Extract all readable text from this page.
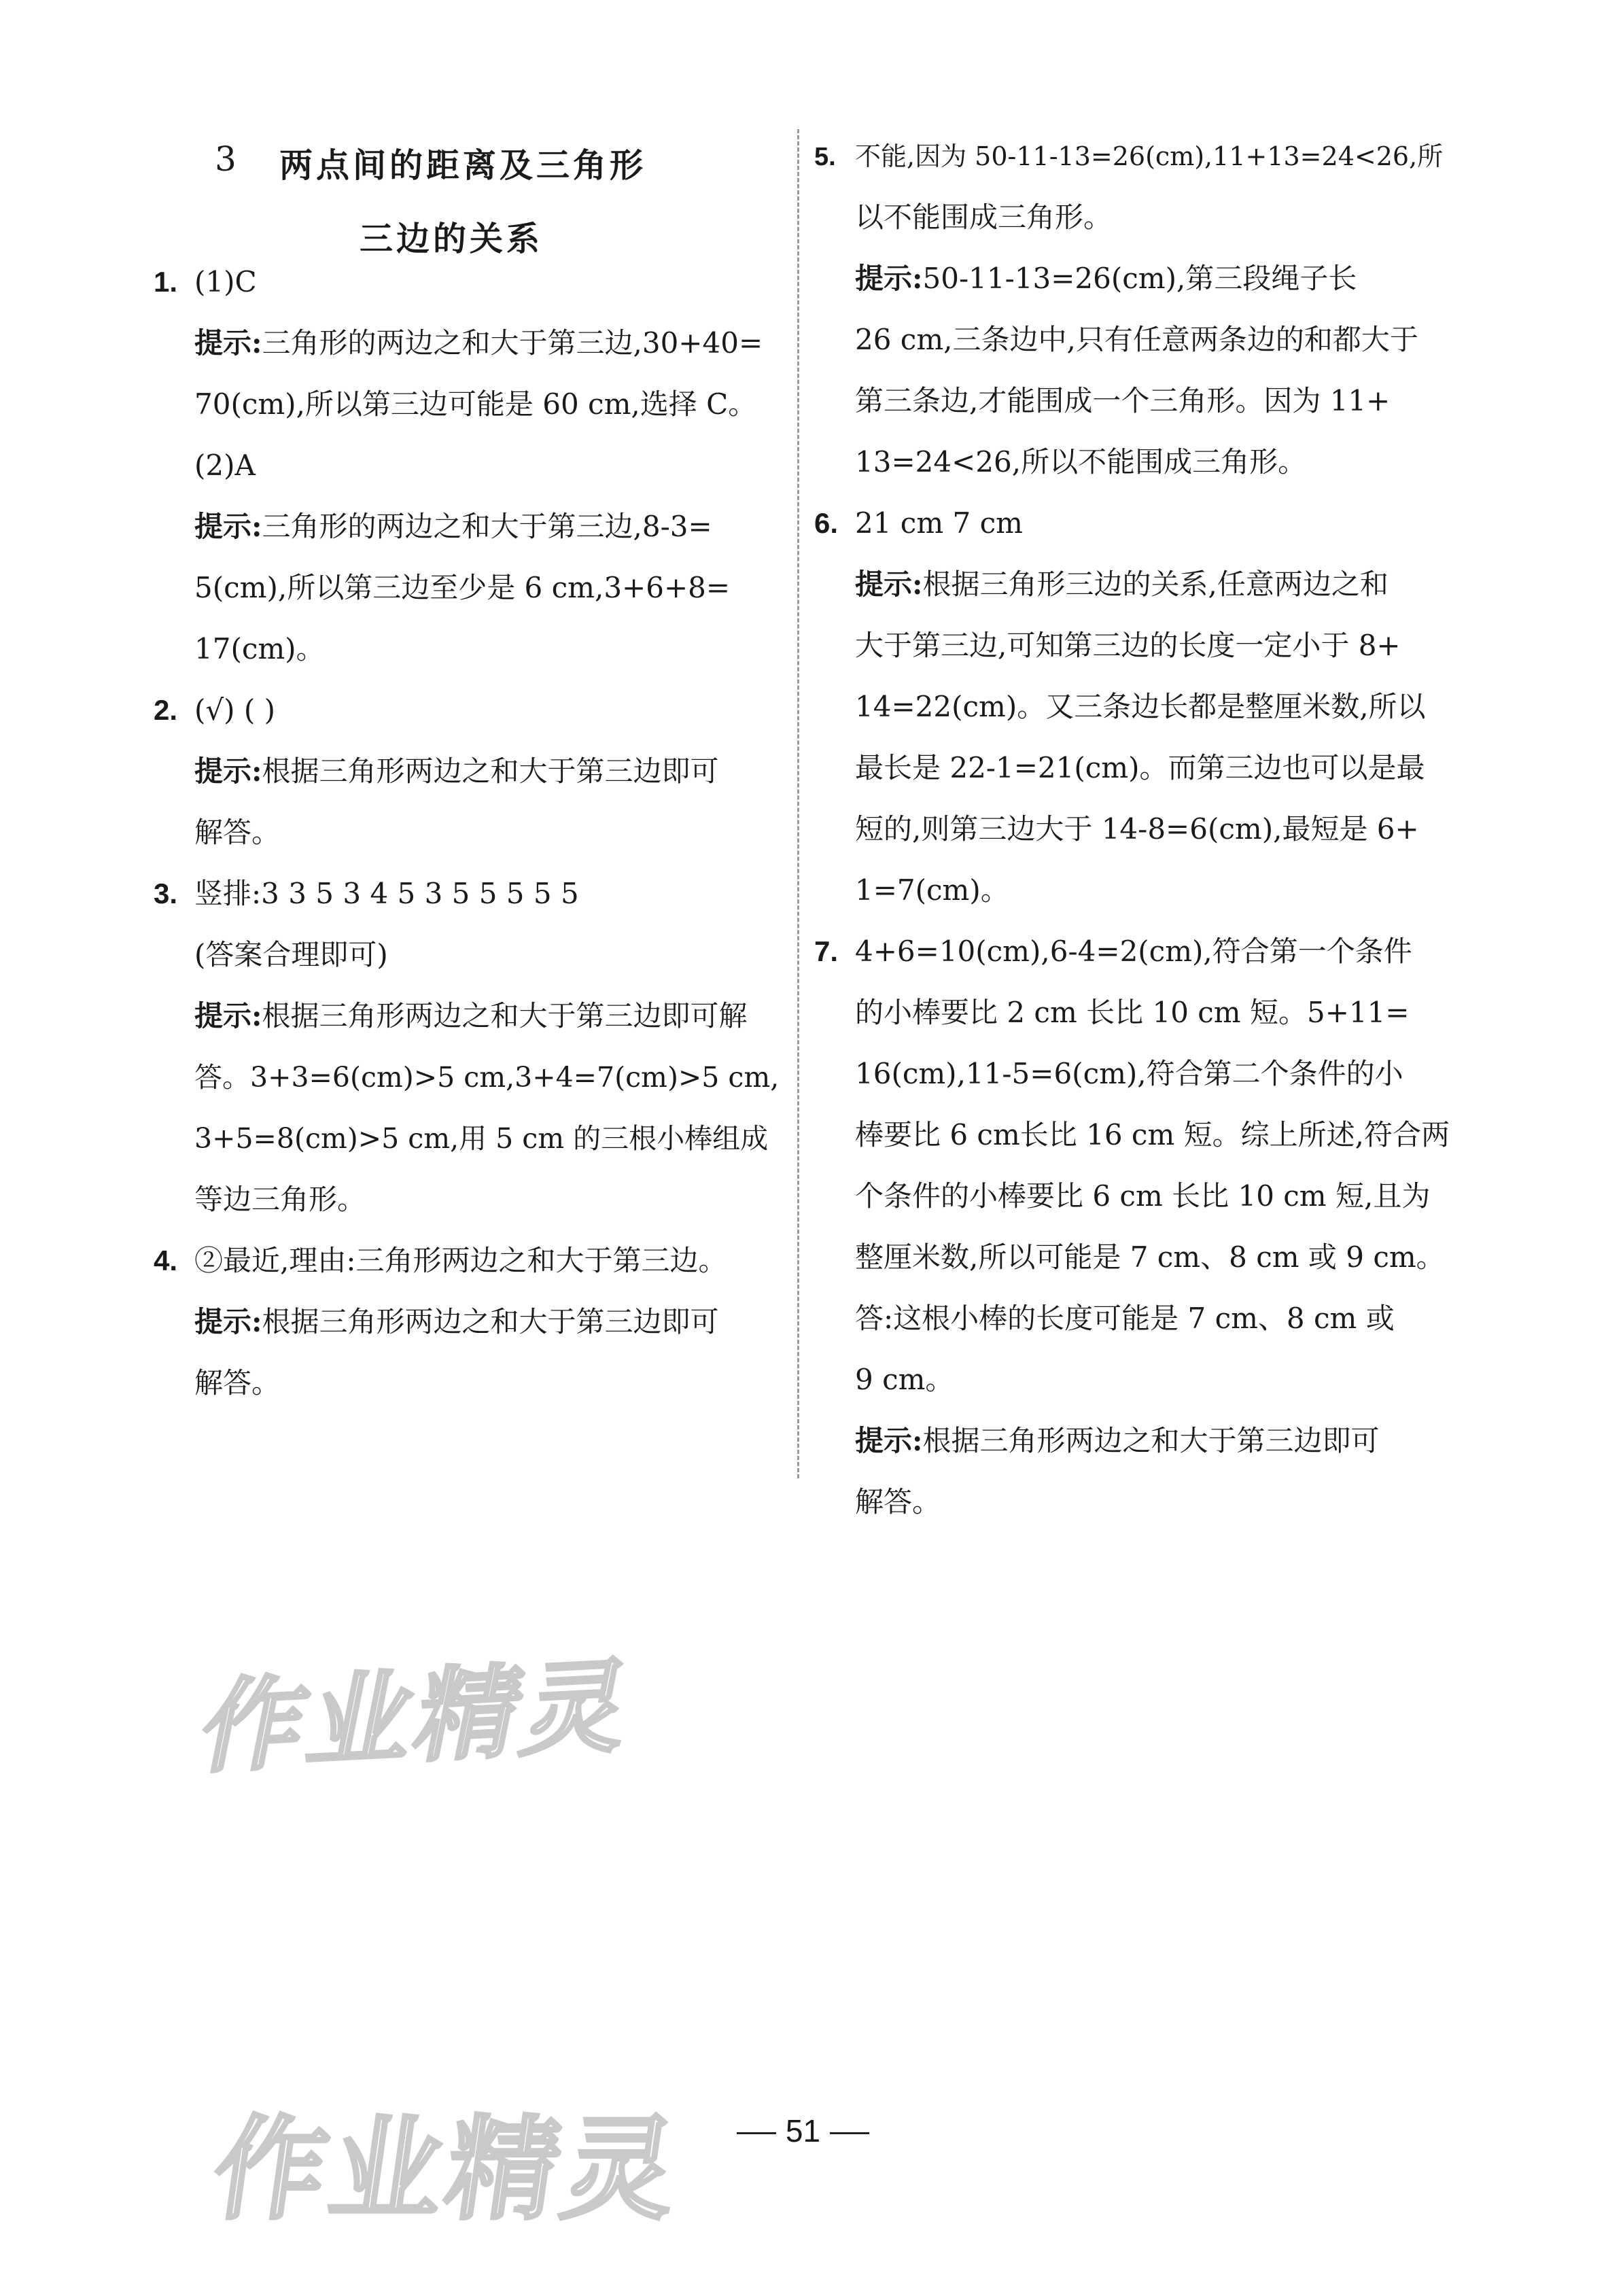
3 两点间的距离及三角形
三边的关系
1. (1)C
提示:三角形的两边之和大于第三边,30+40=
70(cm),所以第三边可能是 60 cm,选择 C。
(2)A
提示:三角形的两边之和大于第三边,8-3=
5(cm),所以第三边至少是 6 cm,3+6+8=
17(cm)。
2. (√) ( )
提示:根据三角形两边之和大于第三边即可
解答。
3. 竖排:3 3 5 3 4 5 3 5 5 5 5 5
(答案合理即可)
提示:根据三角形两边之和大于第三边即可解
答。3+3=6(cm)>5 cm,3+4=7(cm)>5 cm,
3+5=8(cm)>5 cm,用 5 cm 的三根小棒组成
等边三角形。
4. ②最近,理由:三角形两边之和大于第三边。
提示:根据三角形两边之和大于第三边即可
解答。
5. 不能,因为 50-11-13=26(cm),11+13=24<26,所
以不能围成三角形。
提示:50-11-13=26(cm),第三段绳子长
26 cm,三条边中,只有任意两条边的和都大于
第三条边,才能围成一个三角形。因为 11+
13=24<26,所以不能围成三角形。
6. 21 cm 7 cm
提示:根据三角形三边的关系,任意两边之和
大于第三边,可知第三边的长度一定小于 8+
14=22(cm)。又三条边长都是整厘米数,所以
最长是 22-1=21(cm)。而第三边也可以是最
短的,则第三边大于 14-8=6(cm),最短是 6+
1=7(cm)。
7. 4+6=10(cm),6-4=2(cm),符合第一个条件
的小棒要比 2 cm 长比 10 cm 短。5+11=
16(cm),11-5=6(cm),符合第二个条件的小
棒要比 6 cm长比 16 cm 短。综上所述,符合两
个条件的小棒要比 6 cm 长比 10 cm 短,且为
整厘米数,所以可能是 7 cm、8 cm 或 9 cm。
答:这根小棒的长度可能是 7 cm、8 cm 或
9 cm。
提示:根据三角形两边之和大于第三边即可
解答。
作业精灵
作业精灵	51
